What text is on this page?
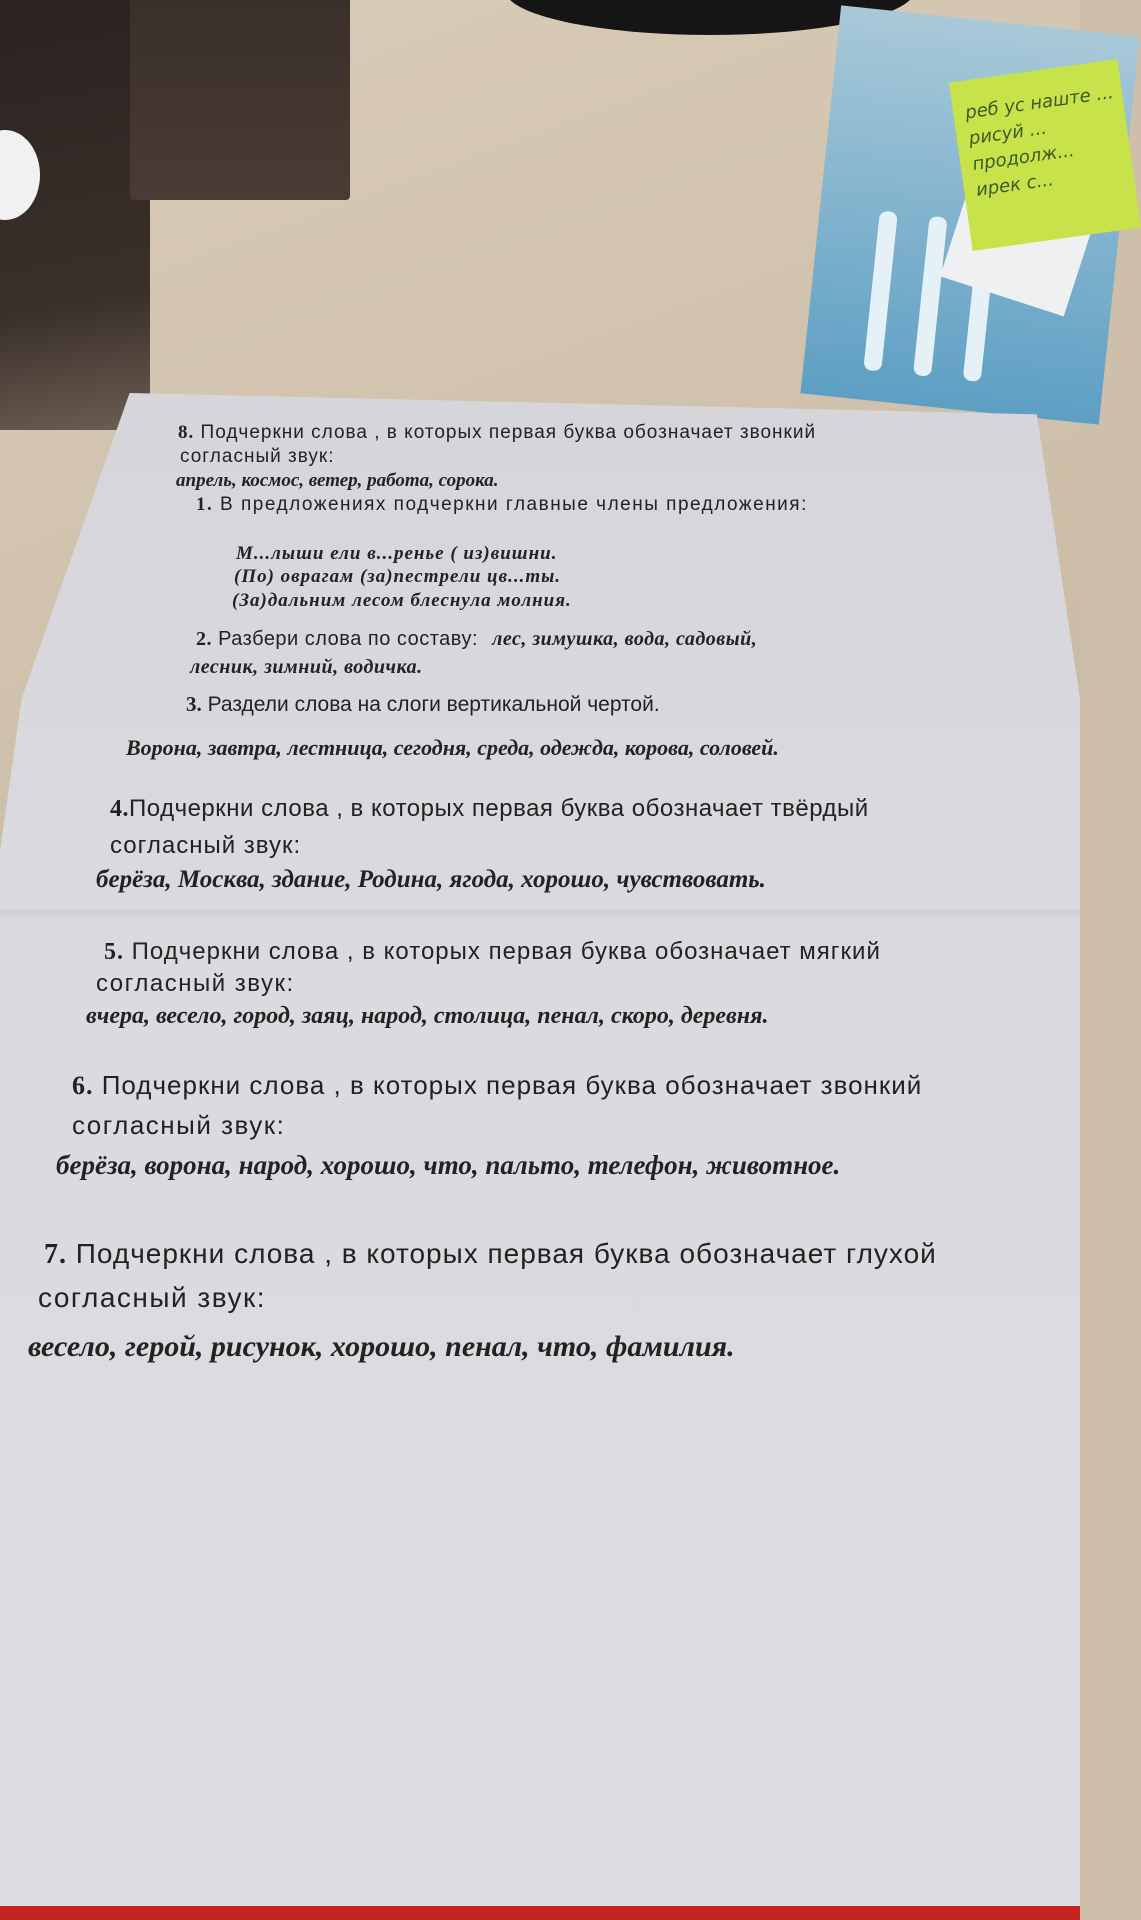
реб ус наште ...
рисуй ...
продолж...
ирек с...
8. Подчеркни слова , в которых первая буква обозначает звонкий
согласный звук:
апрель, космос, ветер, работа, сорока.
1. В предложениях подчеркни главные члены предложения:
М...лыши ели в...ренье ( из)вишни.
(По) оврагам (за)пестрели цв...ты.
(За)дальним лесом блеснула молния.
2. Разбери слова по составу: лес, зимушка, вода, садовый,
лесник, зимний, водичка.
3. Раздели слова на слоги вертикальной чертой.
Ворона, завтра, лестница, сегодня, среда, одежда, корова, соловей.
4.Подчеркни слова , в которых первая буква обозначает твёрдый
согласный звук:
берёза, Москва, здание, Родина, ягода, хорошо, чувствовать.
5. Подчеркни слова , в которых первая буква обозначает мягкий
согласный звук:
вчера, весело, город, заяц, народ, столица, пенал, скоро, деревня.
6. Подчеркни слова , в которых первая буква обозначает звонкий
согласный звук:
берёза, ворона, народ, хорошо, что, пальто, телефон, животное.
7. Подчеркни слова , в которых первая буква обозначает глухой
согласный звук:
весело, герой, рисунок, хорошо, пенал, что, фамилия.
